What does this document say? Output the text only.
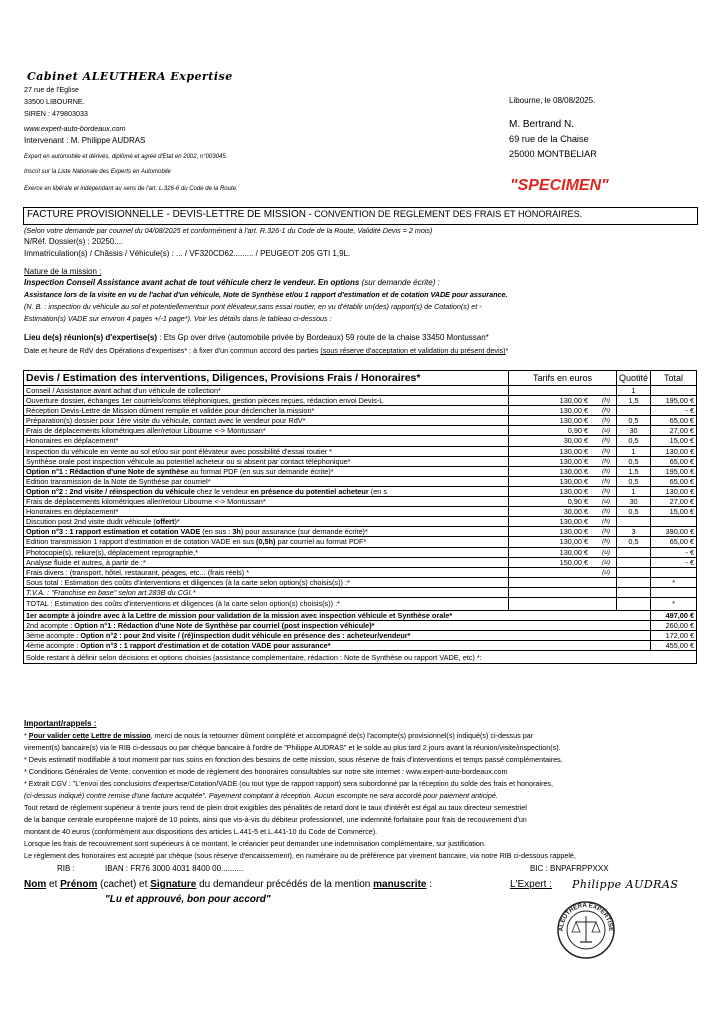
Cabinet ALEUTHERA Expertise
27 rue de l'Eglise
33500 LIBOURNE.
SIREN : 479803033
www.expert-auto-bordeaux.com
Intervenant : M. Philippe AUDRAS
Expert en automobile et dérivés, diplômé et agréé d'Etat en 2002, n°003045.
Inscrit sur la Liste Nationale des Experts en Automobile
Exerce en libérale et indépendant au sens de l'art. L.326-6 du Code de la Route.
Libourne, le 08/08/2025.
M. Bertrand N.
69 rue de la Chaise
25000 MONTBELIAR
"SPECIMEN"
FACTURE PROVISIONNELLE - DEVIS-LETTRE DE MISSION - CONVENTION DE REGLEMENT DES FRAIS ET HONORAIRES.
(Selon votre demande par courriel du 04/08/2025 et conformément à l'art. R.326-1 du Code de la Route, Validité Devis = 2 mois)
N/Réf. Dossier(s) : 20250....
Immatriculation(s) / Châssis / Véhicule(s) : ... / VF320CD62......... / PEUGEOT 205 GTI 1,9L.
Nature de la mission :
Inspection Conseil Assistance avant achat de tout véhicule cherz le vendeur. En options (sur demande écrite) :
Assistance lors de la visite en vu de l'achat d'un véhicule, Note de Synthèse et/ou 1 rapport d'estimation et de cotation VADE pour assurance.
(N. B. : inspection du véhicule au sol et potentiellementsur pont élévateur,sans essai routier, en vu d'établir un(des) rapport(s) de Cotation(s) et -
Estimation(s) VADE sur environ 4 pages +/-1 page*). Voir les détails dans le tableau ci-dessous :
Lieu de(s) réunion(s) d'expertise(s) : Ets Gp over drive (automobile privée by Bordeaux) 59 route de la chaise 33450 Montussan*
Date et heure de RdV des Opérations d'expertises* : à fixer d'un commun accord des parties (sous réserve d'acceptation et validation du présent devis)*
Devis / Estimation des interventions, Diligences, Provisions Frais / Honoraires*	Tarifs en euros	Quotité	Total
Conseil / Assistance avant achat d'un véhicule de collection*		1	
Ouverture dossier, échanges 1er courriels/coms téléphoniques, gestion pièces reçues, rédaction envoi Devis-L	130,00 € (h)	1,5	195,00 €
Réception Devis-Lettre de Mission dûment remplie et validée pour déclencher la mission*	130,00 € (h)		- €
Préparation(s) dossier pour 1ère visite du véhicule, contact avec le vendeur pour RdV*	130,00 € (h)	0,5	65,00 €
Frais de déplacements kilométriques aller/retour Libourne <-> Montussan*	0,90 € (u)	30	27,00 €
Honoraires en déplacement*	30,00 € (h)	0,5	15,00 €
Inspection du véhicule en vente au sol et/ou sur pont élévateur avec possibilité d'essai routier *	130,00 € (h)	1	130,00 €
Synthèse orale post inspection véhicule au potentiel acheteur ou si absent par contact téléphonique*	130,00 € (h)	0,5	65,00 €
Option n°1 : Rédaction d'une Note de synthèse au format PDF (en sus sur demande écrite)*	130,00 € (h)	1,5	195,00 €
Edition transmission de la Note de Synthèse par courriel*	130,00 € (h)	0,5	65,00 €
Option n°2 : 2nd visite / réinspection du véhicule chez le vendeur en présence du potentiel acheteur (en s	130,00 € (h)	1	130,00 €
Frais de déplacements kilométriques aller/retour Libourne <-> Montussan*	0,90 € (u)	30	27,00 €
Honoraires en déplacement*	30,00 € (h)	0,5	15,00 €
Discution post 2nd visite dudit véhicule (offert)*	130,00 € (h)		

Option n°3 : 1 rapport estimation et cotation VADE (en sus : 3h) pour assurance (sur demande écrite)*	130,00 € (h)	3	390,00 €
Edition transmission 1 rapport d'estimation et de cotation VADE en sus (0,5h) par courriel au format PDF*	130,00 € (h)	0,5	65,00 €
Photocopie(s), reliure(s), déplacement reprographie,*	130,00 € (u)		- €
Analyse fluide et autres, à partir de :*	150,00 € (u)		- €
Frais divers : (transport, hôtel, restaurant, péages, etc... (frais réels) *	(u)		

Sous total : Estimation des coûts d'interventions et diligences (à la carte selon option(s) choisis(s)) :*			*
T.V.A. : "Franchise en base" selon art 283B du CGI.*			
TOTAL : Estimation des coûts d'interventions et diligences (à la carte selon option(s) choisis(s)) :*			*
1er acompte à joindre avec à la Lettre de mission pour validation de la mission avec inspection véhicule et Synthèse orale*			497,00 €
2nd acompte : Option n°1 : Rédaction d'une Note de Synthèse par courriel (post inspection véhicule)*			260,00 €
3ème acompte : Option n°2 : pour 2nd visite / (ré)inspection dudit véhicule en présence des : acheteur/vendeur*			172,00 €
4ème acompte : Option n°3 : 1 rapport d'estimation et de cotation VADE pour assurance*			455,00 €
Solde restant à définir selon décisions et options choisies (assistance complémentaire, rédaction : Note de Synthèse ou rapport VADE, etc) *:			
Important/rappels :
* Pour valider cette Lettre de mission, merci de nous la retourner dûment complété et accompagné de(s) l'acompte(s) provisionnel(s) indiqué(s) ci-dessus par
virement(s) bancaire(s) via le RIB ci-dessous ou par chèque bancaire à l'ordre de "Philippe AUDRAS" et le solde au plus tard 2 jours avant la réunion/visite/inspection(s).
* Devis estimatif modifiable à tout moment par nos soins en fonction des besoins de cette mission, sous réserve de frais d'interventions et temps passé complémentaires.
* Conditions Générales de Vente, convention et mode de règlement des honoraires consultables sur notre site internet : www.expert-auto-bordeaux.com
* Extrait CGV : "L'envoi des conclusions d'expertise/Cotation/VADE (ou tout type de rapport rapport) sera subordonné par la réception du solde des frais et honoraires,
(ci-dessus indiqué) contre remise d'une facture acquitée". Payement comptant à réception. Aucun escompte ne sera accordé pour paiement anticipé.
Tout retard de règlement supérieur à trente jours rend de plein droit exigibles des pénalités de retard dont le taux d'intérêt est égal au taux directeur semestriel
de la banque centrale européenne majoré de 10 points, ainsi que vis-à-vis du débiteur professionnel, une indemnité forfaitaire pour frais de recouvrement d'un
montant de 40 euros (conformément aux dispositions des articles L.441-5 et L.441-10 du Code de Commerce).
Lorsque les frais de recouvrement sont supérieurs à ce montant, le créancier peut demander une indemnisation complémentaire, sur justification.
Le règlement des honoraires est accepté par chèque (sous réserve d'encaissement), en numéraire ou de préférence par virement bancaire, via notre RIB ci-dessous rappelé,
RIB :	IBAN : FR76 3000 4031 8400 00..........	BIC : BNPAFRPPXXX
Nom et Prénom (cachet) et Signature du demandeur précédés de la mention manuscrite :
"Lu et approuvé, bon pour accord"
L'Expert : Philippe AUDRAS
ALEUTHERA EXPERTISE
